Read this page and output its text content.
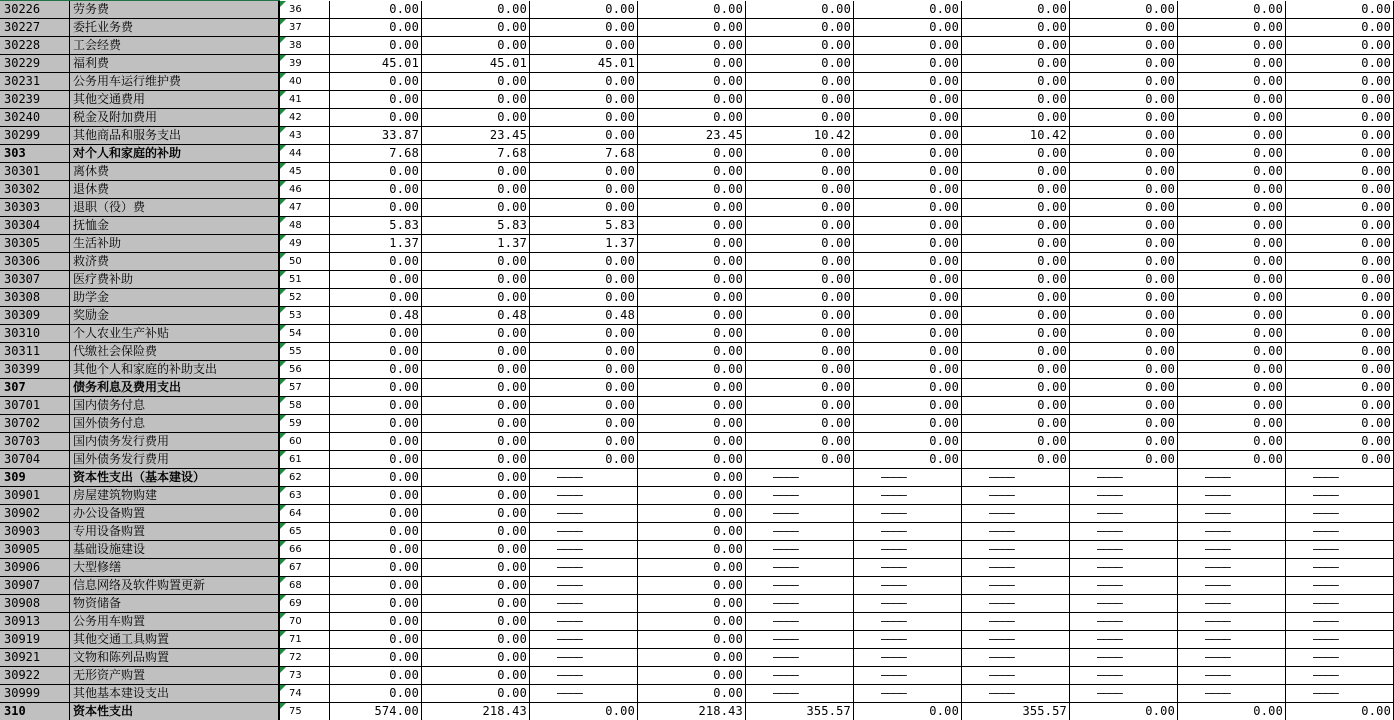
30226	劳务费	36	0.00	0.00	0.00	0.00	0.00	0.00	0.00	0.00	0.00	0.00
30227	委托业务费	37	0.00	0.00	0.00	0.00	0.00	0.00	0.00	0.00	0.00	0.00
30228	工会经费	38	0.00	0.00	0.00	0.00	0.00	0.00	0.00	0.00	0.00	0.00
30229	福利费	39	45.01	45.01	45.01	0.00	0.00	0.00	0.00	0.00	0.00	0.00
30231	公务用车运行维护费	40	0.00	0.00	0.00	0.00	0.00	0.00	0.00	0.00	0.00	0.00
30239	其他交通费用	41	0.00	0.00	0.00	0.00	0.00	0.00	0.00	0.00	0.00	0.00
30240	税金及附加费用	42	0.00	0.00	0.00	0.00	0.00	0.00	0.00	0.00	0.00	0.00
30299	其他商品和服务支出	43	33.87	23.45	0.00	23.45	10.42	0.00	10.42	0.00	0.00	0.00
303	对个人和家庭的补助	44	7.68	7.68	7.68	0.00	0.00	0.00	0.00	0.00	0.00	0.00
30301	离休费	45	0.00	0.00	0.00	0.00	0.00	0.00	0.00	0.00	0.00	0.00
30302	退休费	46	0.00	0.00	0.00	0.00	0.00	0.00	0.00	0.00	0.00	0.00
30303	退职（役）费	47	0.00	0.00	0.00	0.00	0.00	0.00	0.00	0.00	0.00	0.00
30304	抚恤金	48	5.83	5.83	5.83	0.00	0.00	0.00	0.00	0.00	0.00	0.00
30305	生活补助	49	1.37	1.37	1.37	0.00	0.00	0.00	0.00	0.00	0.00	0.00
30306	救济费	50	0.00	0.00	0.00	0.00	0.00	0.00	0.00	0.00	0.00	0.00
30307	医疗费补助	51	0.00	0.00	0.00	0.00	0.00	0.00	0.00	0.00	0.00	0.00
30308	助学金	52	0.00	0.00	0.00	0.00	0.00	0.00	0.00	0.00	0.00	0.00
30309	奖励金	53	0.48	0.48	0.48	0.00	0.00	0.00	0.00	0.00	0.00	0.00
30310	个人农业生产补贴	54	0.00	0.00	0.00	0.00	0.00	0.00	0.00	0.00	0.00	0.00
30311	代缴社会保险费	55	0.00	0.00	0.00	0.00	0.00	0.00	0.00	0.00	0.00	0.00
30399	其他个人和家庭的补助支出	56	0.00	0.00	0.00	0.00	0.00	0.00	0.00	0.00	0.00	0.00
307	债务利息及费用支出	57	0.00	0.00	0.00	0.00	0.00	0.00	0.00	0.00	0.00	0.00
30701	国内债务付息	58	0.00	0.00	0.00	0.00	0.00	0.00	0.00	0.00	0.00	0.00
30702	国外债务付息	59	0.00	0.00	0.00	0.00	0.00	0.00	0.00	0.00	0.00	0.00
30703	国内债务发行费用	60	0.00	0.00	0.00	0.00	0.00	0.00	0.00	0.00	0.00	0.00
30704	国外债务发行费用	61	0.00	0.00	0.00	0.00	0.00	0.00	0.00	0.00	0.00	0.00
309	资本性支出（基本建设）	62	0.00	0.00	————	0.00	————	————	————	————	————	————
30901	房屋建筑物购建	63	0.00	0.00	————	0.00	————	————	————	————	————	————
30902	办公设备购置	64	0.00	0.00	————	0.00	————	————	————	————	————	————
30903	专用设备购置	65	0.00	0.00	————	0.00	————	————	————	————	————	————
30905	基础设施建设	66	0.00	0.00	————	0.00	————	————	————	————	————	————
30906	大型修缮	67	0.00	0.00	————	0.00	————	————	————	————	————	————
30907	信息网络及软件购置更新	68	0.00	0.00	————	0.00	————	————	————	————	————	————
30908	物资储备	69	0.00	0.00	————	0.00	————	————	————	————	————	————
30913	公务用车购置	70	0.00	0.00	————	0.00	————	————	————	————	————	————
30919	其他交通工具购置	71	0.00	0.00	————	0.00	————	————	————	————	————	————
30921	文物和陈列品购置	72	0.00	0.00	————	0.00	————	————	————	————	————	————
30922	无形资产购置	73	0.00	0.00	————	0.00	————	————	————	————	————	————
30999	其他基本建设支出	74	0.00	0.00	————	0.00	————	————	————	————	————	————
310	资本性支出	75	574.00	218.43	0.00	218.43	355.57	0.00	355.57	0.00	0.00	0.00
